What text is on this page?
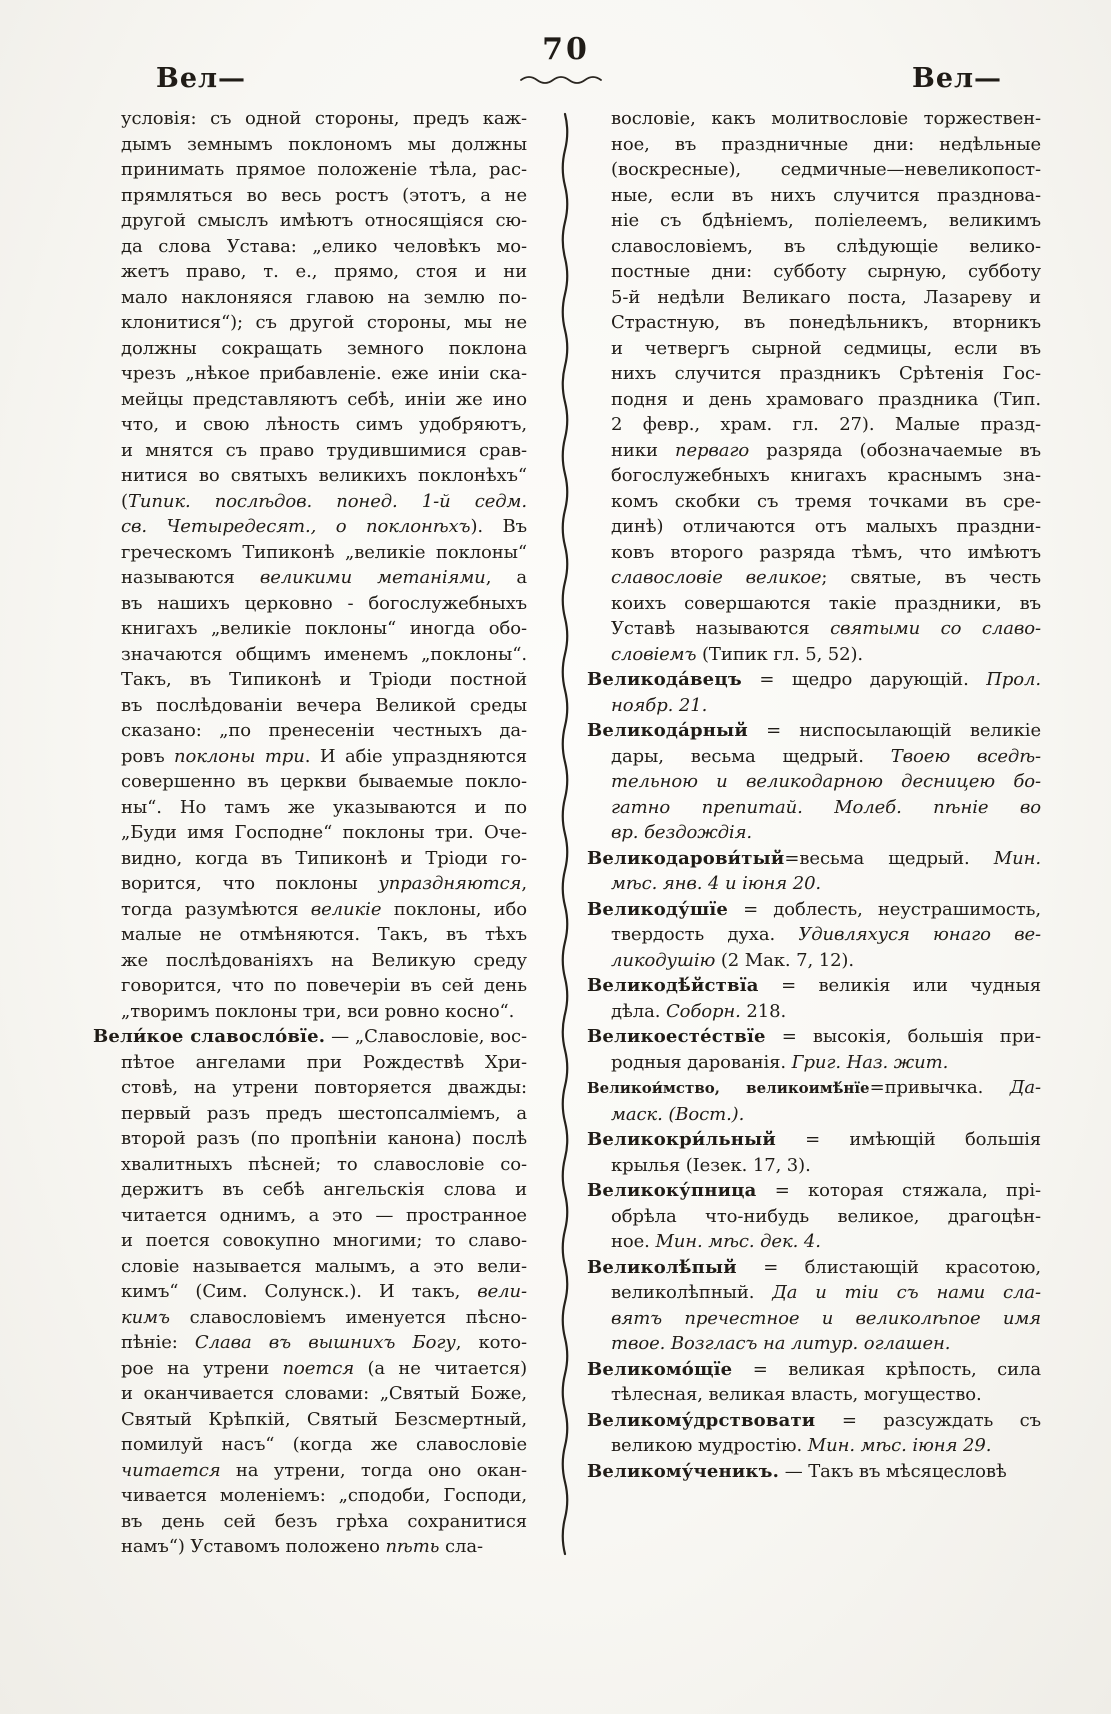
70
Вел—	Вел—
условія: съ одной стороны, предъ каж-
дымъ земнымъ поклономъ мы должны
принимать прямое положеніе тѣла, рас-
прямляться во весь ростъ (этотъ, а не
другой смыслъ имѣютъ относящіяся сю-
да слова Устава: „елико человѣкъ мо-
жетъ право, т. е., прямо, стоя и ни
мало наклоняяся главою на землю по-
клонитися“); съ другой стороны, мы не
должны сокращать земного поклона
чрезъ „нѣкое прибавленіе. еже иніи ска-
мейцы представляютъ себѣ, иніи же ино
что, и свою лѣность симъ удобряютъ,
и мнятся съ право трудившимися срав-
нитися во святыхъ великихъ поклонѣхъ“
(Типик. послѣдов. понед. 1-й седм.
св. Четыредесят., о поклонѣхъ). Въ
греческомъ Типиконѣ „великіе поклоны“
называются великими метаніями, а
въ нашихъ церковно - богослужебныхъ
книгахъ „великіе поклоны“ иногда обо-
значаются общимъ именемъ „поклоны“.
Такъ, въ Типиконѣ и Тріоди постной
въ послѣдованіи вечера Великой среды
сказано: „по пренесеніи честныхъ да-
ровъ поклоны три. И абіе упраздняются
совершенно въ церкви бываемые покло-
ны“. Но тамъ же указываются и по
„Буди имя Господне“ поклоны три. Оче-
видно, когда въ Типиконѣ и Тріоди го-
ворится, что поклоны упраздняются,
тогда разумѣются великіе поклоны, ибо
малые не отмѣняются. Такъ, въ тѣхъ
же послѣдованіяхъ на Великую среду
говорится, что по повечеріи въ сей день
„творимъ поклоны три, вси ровно косно“.
Вели́кое славосло́вїе. — „Славословіе, вос-
пѣтое ангелами при Рождествѣ Хри-
стовѣ, на утрени повторяется дважды:
первый разъ предъ шестопсалміемъ, а
второй разъ (по пропѣніи канона) послѣ
хвалитныхъ пѣсней; то славословіе со-
держитъ въ себѣ ангельскія слова и
читается однимъ, а это — пространное
и поется совокупно многими; то славо-
словіе называется малымъ, а это вели-
кимъ“ (Сим. Солунск.). И такъ, вели-
кимъ славословіемъ именуется пѣсно-
пѣніе: Слава въ вышнихъ Богу, кото-
рое на утрени поется (а не читается)
и оканчивается словами: „Святый Боже,
Святый Крѣпкій, Святый Безсмертный,
помилуй насъ“ (когда же славословіе
читается на утрени, тогда оно окан-
чивается моленіемъ: „сподоби, Господи,
въ день сей безъ грѣха сохранитися
намъ“) Уставомъ положено пѣть сла-
вословіе, какъ молитвословіе торжествен-
ное, въ праздничные дни: недѣльные
(воскресные), седмичные—невеликопост-
ные, если въ нихъ случится празднова-
ніе съ бдѣніемъ, поліелеемъ, великимъ
славословіемъ, въ слѣдующіе велико-
постные дни: субботу сырную, субботу
5-й недѣли Великаго поста, Лазареву и
Страстную, въ понедѣльникъ, вторникъ
и четвергъ сырной седмицы, если въ
нихъ случится праздникъ Срѣтенія Гос-
подня и день храмоваго праздника (Тип.
2 февр., храм. гл. 27). Малые празд-
ники перваго разряда (обозначаемые въ
богослужебныхъ книгахъ краснымъ зна-
комъ скобки съ тремя точками въ сре-
динѣ) отличаются отъ малыхъ праздни-
ковъ второго разряда тѣмъ, что имѣютъ
славословіе великое; святые, въ честь
коихъ совершаются такіе праздники, въ
Уставѣ называются святыми со славо-
словіемъ (Типик гл. 5, 52).
Великода́вецъ = щедро дарующій. Прол.
ноябр. 21.
Великода́рный = ниспосылающій великіе
дары, весьма щедрый. Твоею вседѣ-
тельною и великодарною десницею бо-
гатно препитай. Молеб. пѣніе во
вр. бездождія.
Великодарови́тый=весьма щедрый. Мин.
мѣс. янв. 4 и іюня 20.
Великоду́шїе = доблесть, неустрашимость,
твердость духа. Удивляхуся юнаго ве-
ликодушію (2 Мак. 7, 12).
Великодѣ́йствїа = великія или чудныя
дѣла. Соборн. 218.
Великоесте́ствїе = высокія, большія при-
родныя дарованія. Григ. Наз. жит.
Великои́мство, великоимѣ́нїе=привычка. Да-
маск. (Вост.).
Великокри́льный = имѣющій большія
крылья (Іезек. 17, 3).
Великоку́пница = которая стяжала, прі-
обрѣла что-нибудь великое, драгоцѣн-
ное. Мин. мѣс. дек. 4.
Великолѣ́пый = блистающій красотою,
великолѣпный. Да и тіи съ нами сла-
вятъ пречестное и великолѣпое имя
твое. Возгласъ на литур. оглашен.
Великомо́щїе = великая крѣпость, сила
тѣлесная, великая власть, могущество.
Великому́дрствовати = разсуждать съ
великою мудростію. Мин. мѣс. іюня 29.
Великому́ченикъ. — Такъ въ мѣсяцесловѣ
